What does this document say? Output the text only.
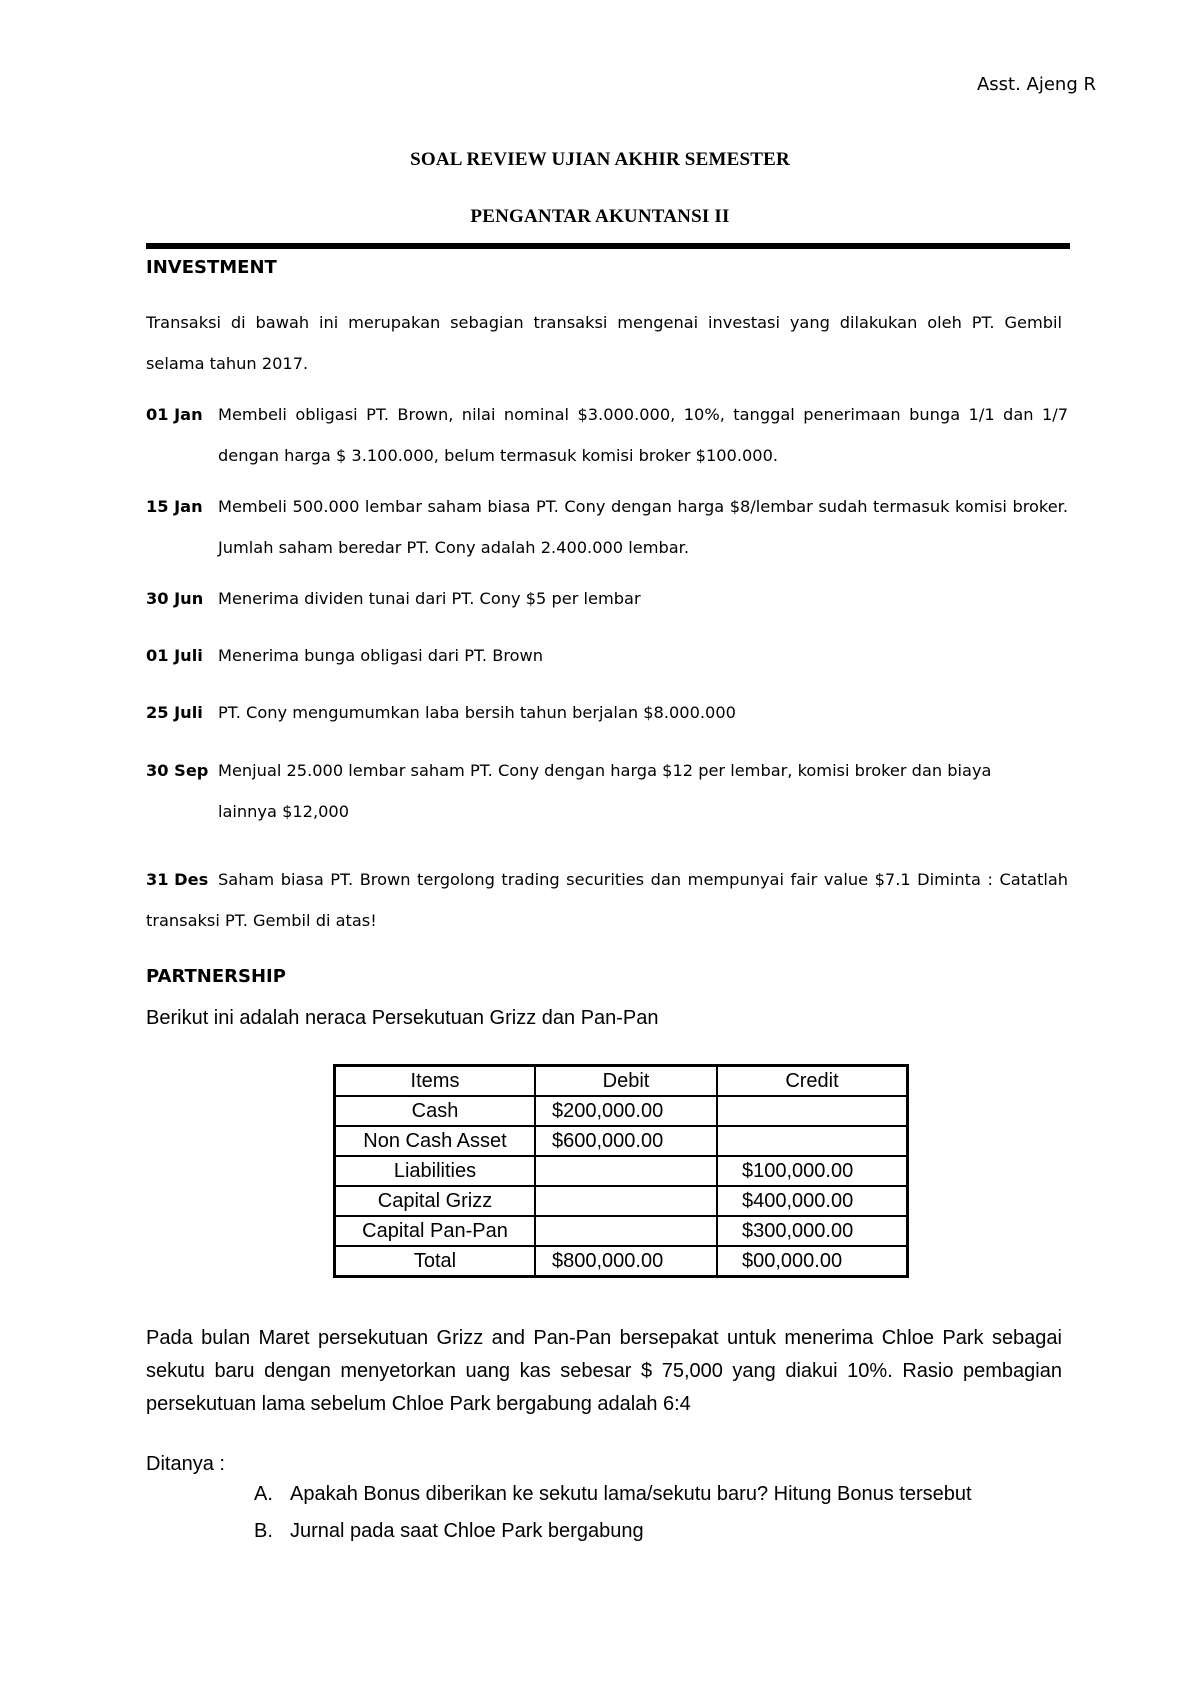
Asst. Ajeng R
SOAL REVIEW UJIAN AKHIR SEMESTER
PENGANTAR AKUNTANSI II
INVESTMENT
Transaksi di bawah ini merupakan sebagian transaksi mengenai investasi yang dilakukan oleh PT. Gembil selama tahun 2017.
01 Jan Membeli obligasi PT. Brown, nilai nominal $3.000.000, 10%, tanggal penerimaan bunga 1/1 dan 1/7 dengan harga $ 3.100.000, belum termasuk komisi broker $100.000.
15 Jan Membeli 500.000 lembar saham biasa PT. Cony dengan harga $8/lembar sudah termasuk komisi broker. Jumlah saham beredar PT. Cony adalah 2.400.000 lembar.
30 Jun Menerima dividen tunai dari PT. Cony $5 per lembar
01 Juli Menerima bunga obligasi dari PT. Brown
25 Juli PT. Cony mengumumkan laba bersih tahun berjalan $8.000.000
30 Sep Menjual 25.000 lembar saham PT. Cony dengan harga $12 per lembar, komisi broker dan biaya lainnya $12,000
31 Des Saham biasa PT. Brown tergolong trading securities dan mempunyai fair value $7.1 Diminta : Catatlah transaksi PT. Gembil di atas!
PARTNERSHIP
Berikut ini adalah neraca Persekutuan Grizz dan Pan-Pan
Items	Debit	Credit
Cash	$200,000.00	
Non Cash Asset	$600,000.00	
Liabilities		$100,000.00
Capital Grizz		$400,000.00
Capital Pan-Pan		$300,000.00
Total	$800,000.00	$00,000.00
Pada bulan Maret persekutuan Grizz and Pan-Pan bersepakat untuk menerima Chloe Park sebagai sekutu baru dengan menyetorkan uang kas sebesar $ 75,000 yang diakui 10%. Rasio pembagian persekutuan lama sebelum Chloe Park bergabung adalah 6:4
Ditanya :
A. Apakah Bonus diberikan ke sekutu lama/sekutu baru? Hitung Bonus tersebut
B. Jurnal pada saat Chloe Park bergabung
